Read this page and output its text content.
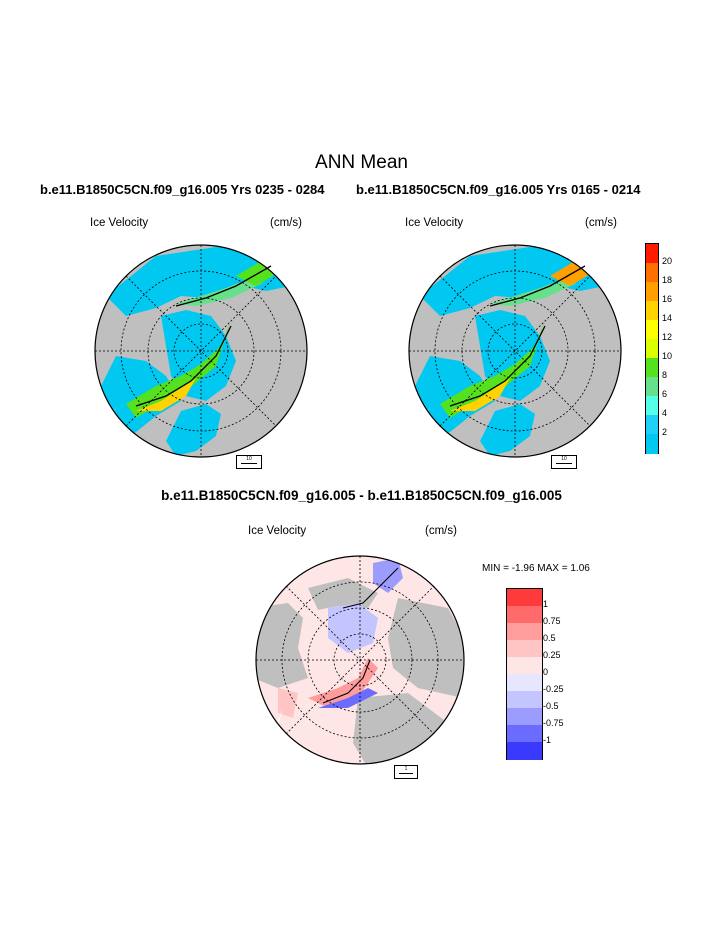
ANN Mean
b.e11.B1850C5CN.f09_g16.005 Yrs 0235 - 0284 b.e11.B1850C5CN.f09_g16.005 Yrs 0165 - 0214
Ice Velocity	(cm/s)	Ice Velocity	(cm/s)
b.e11.B1850C5CN.f09_g16.005 - b.e11.B1850C5CN.f09_g16.005
Ice Velocity	(cm/s)
MIN = -1.96 MAX = 1.06
10	10
1
20
18
16
14
12
10
8
6
4
2
1
0.75
0.5
0.25
0
-0.25
-0.5
-0.75
-1
